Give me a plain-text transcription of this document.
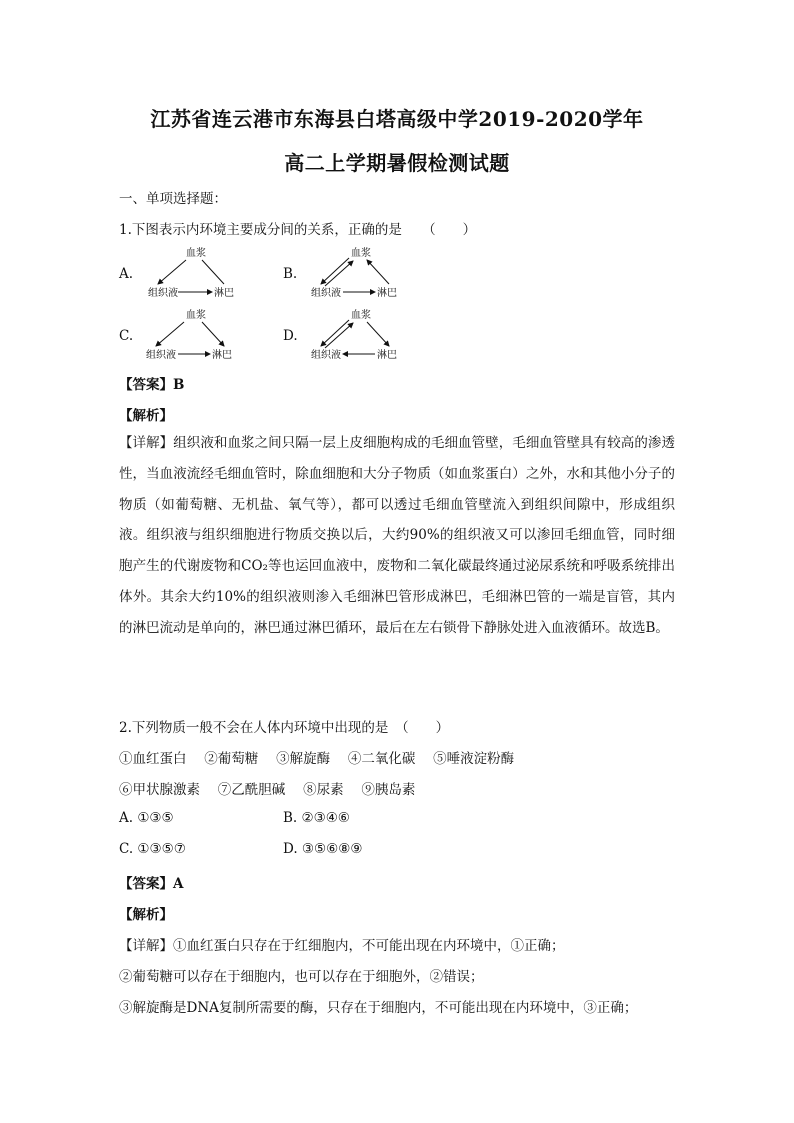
江苏省连云港市东海县白塔高级中学2019-2020学年
高二上学期暑假检测试题
一、单项选择题：
1.下图表示内环境主要成分间的关系，正确的是　　（　　）
A.
血浆
组织液	淋巴
B.
血浆
组织液	淋巴
C.
血浆
组织液	淋巴
D.
血浆
组织液	淋巴
【答案】B
【解析】
【详解】组织液和血浆之间只隔一层上皮细胞构成的毛细血管壁，毛细血管壁具有较高的渗透性，当血液流经毛细血管时，除血细胞和大分子物质（如血浆蛋白）之外，水和其他小分子的物质（如葡萄糖、无机盐、氧气等），都可以透过毛细血管壁流入到组织间隙中，形成组织液。组织液与组织细胞进行物质交换以后，大约90%的组织液又可以渗回毛细血管，同时细胞产生的代谢废物和CO₂等也运回血液中，废物和二氧化碳最终通过泌尿系统和呼吸系统排出体外。其余大约10%的组织液则渗入毛细淋巴管形成淋巴，毛细淋巴管的一端是盲管，其内的淋巴流动是单向的，淋巴通过淋巴循环，最后在左右锁骨下静脉处进入血液循环。故选B。
2.下列物质一般不会在人体内环境中出现的是　（　　）
①血红蛋白　 ②葡萄糖　 ③解旋酶　 ④二氧化碳　 ⑤唾液淀粉酶
⑥甲状腺激素　 ⑦乙酰胆碱　 ⑧尿素　 ⑨胰岛素
A. ①③⑤	B. ②③④⑥
C. ①③⑤⑦	D. ③⑤⑥⑧⑨
【答案】A
【解析】
【详解】①血红蛋白只存在于红细胞内，不可能出现在内环境中，①正确；
②葡萄糖可以存在于细胞内，也可以存在于细胞外，②错误；
③解旋酶是DNA复制所需要的酶，只存在于细胞内，不可能出现在内环境中，③正确；
